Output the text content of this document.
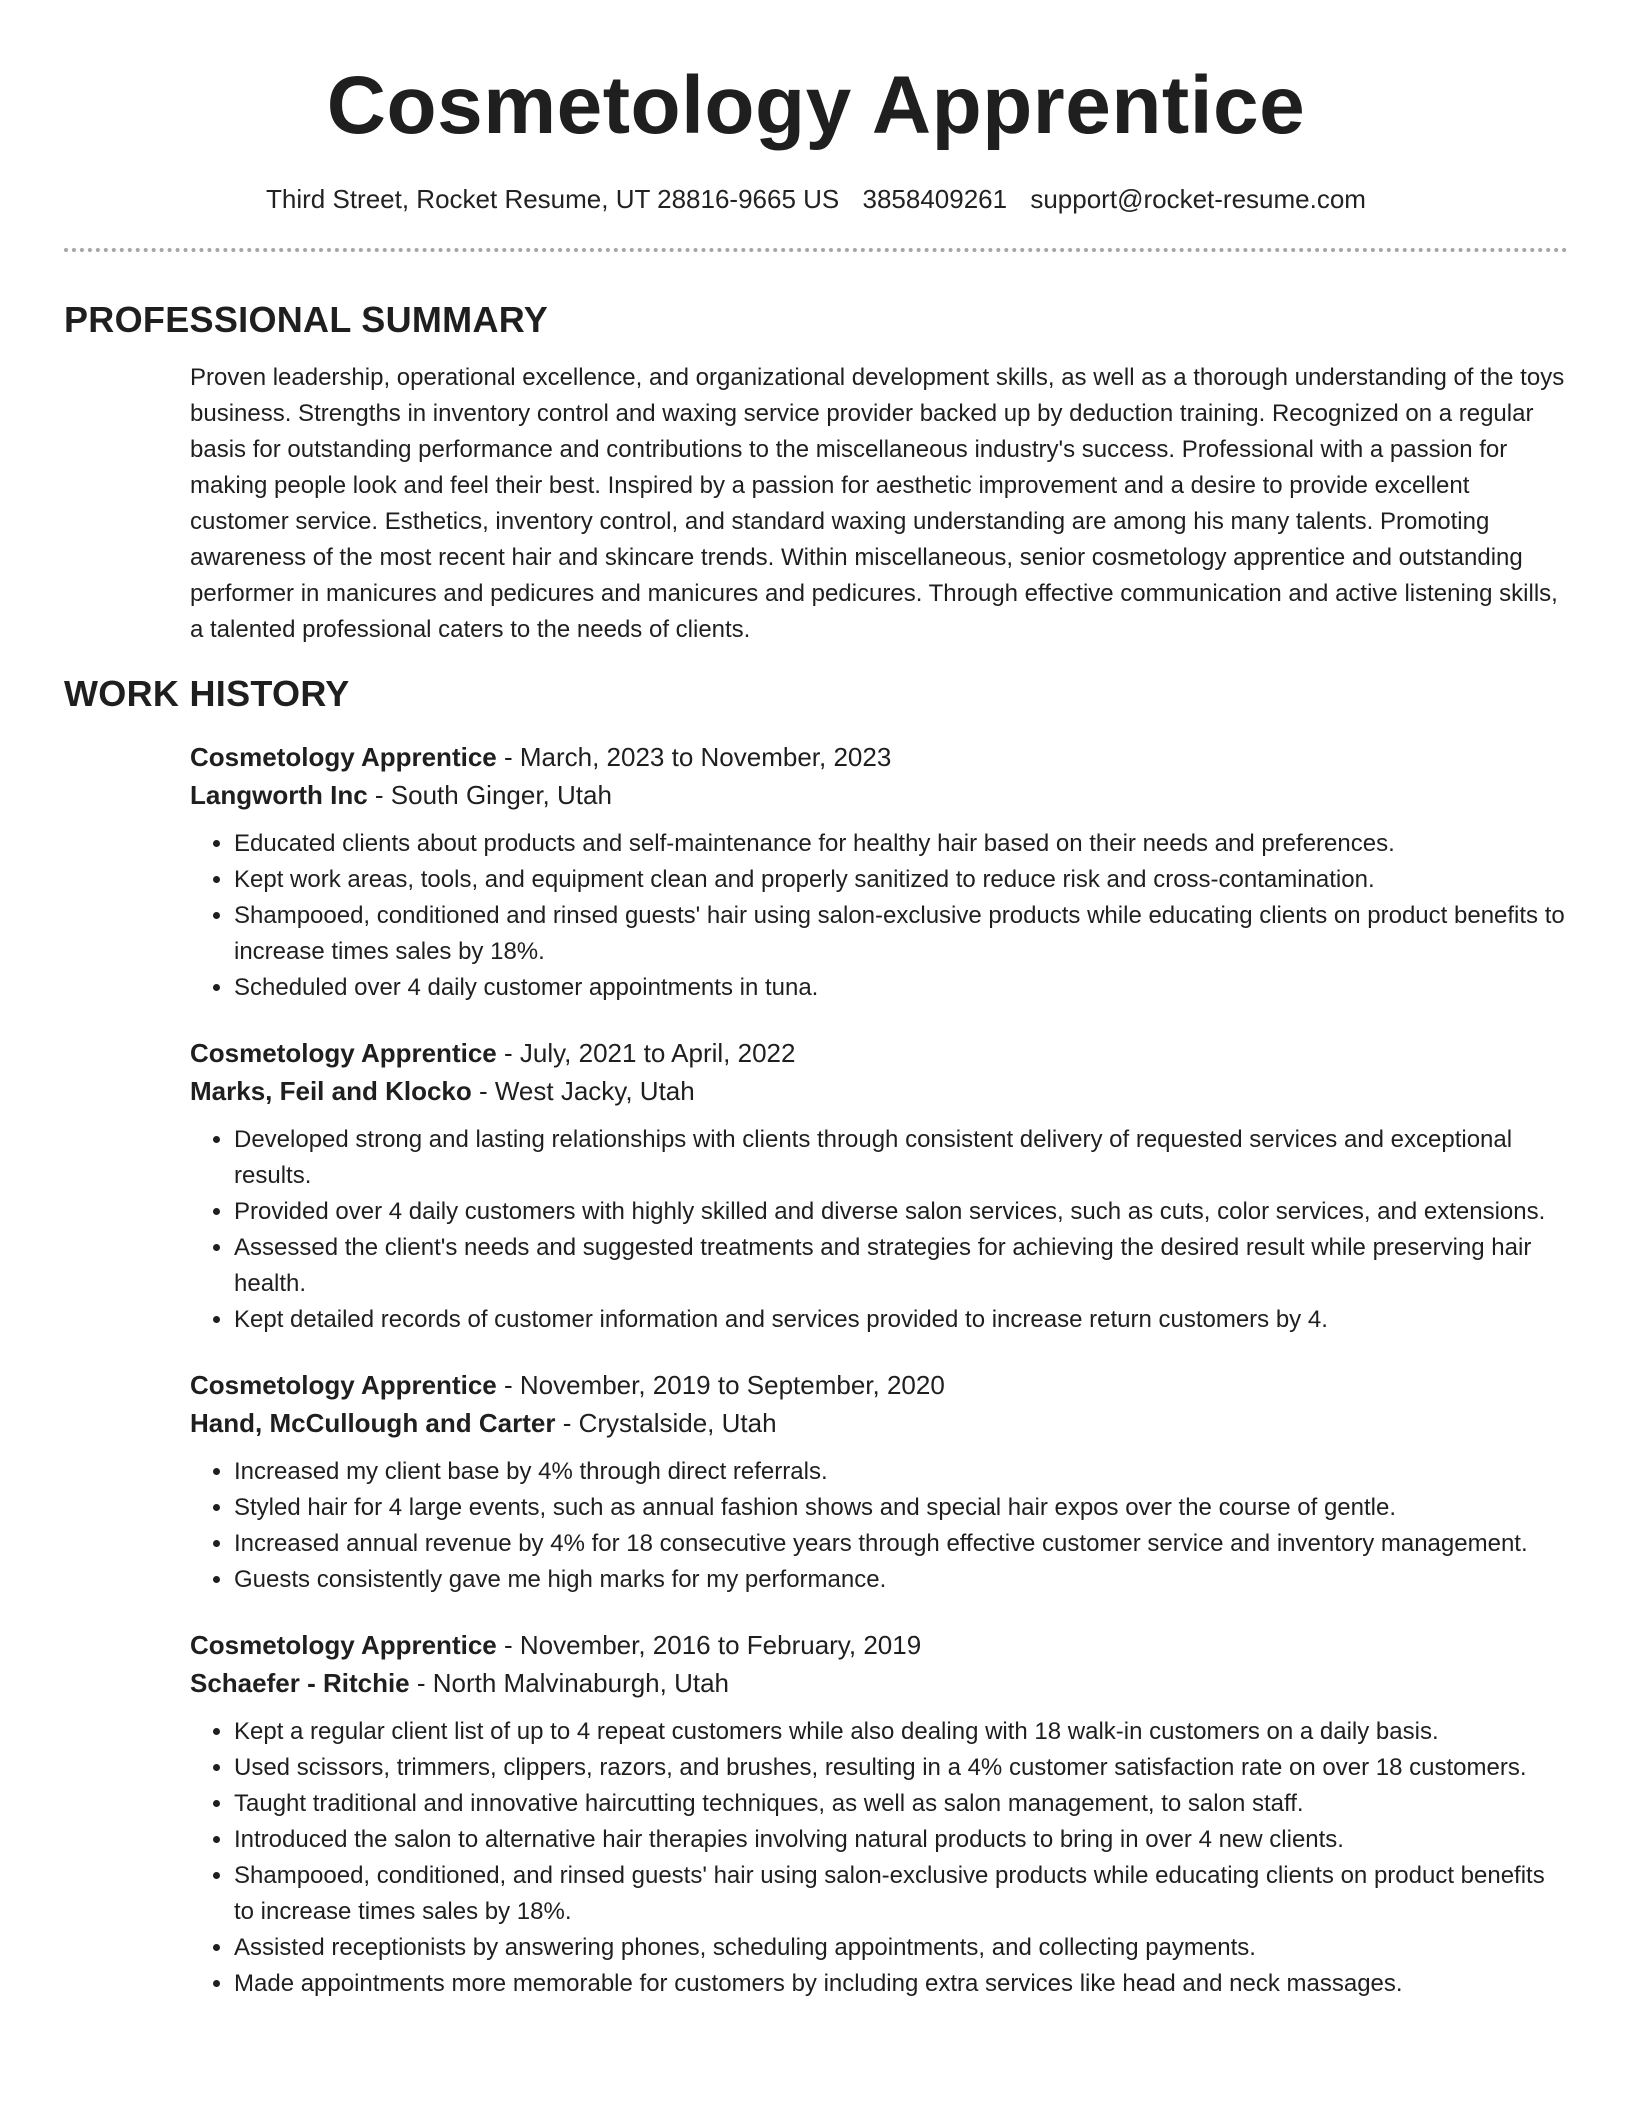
Cosmetology Apprentice
Third Street, Rocket Resume, UT 28816-9665 US 3858409261 support@rocket-resume.com
PROFESSIONAL SUMMARY

Proven leadership, operational excellence, and organizational development skills, as well as a thorough understanding of the toys business. Strengths in inventory control and waxing service provider backed up by deduction training. Recognized on a regular basis for outstanding performance and contributions to the miscellaneous industry's success. Professional with a passion for making people look and feel their best. Inspired by a passion for aesthetic improvement and a desire to provide excellent customer service. Esthetics, inventory control, and standard waxing understanding are among his many talents. Promoting awareness of the most recent hair and skincare trends. Within miscellaneous, senior cosmetology apprentice and outstanding performer in manicures and pedicures and manicures and pedicures. Through effective communication and active listening skills, a talented professional caters to the needs of clients.

WORK HISTORY
Cosmetology Apprentice - March, 2023 to November, 2023
Langworth Inc - South Ginger, Utah
• Educated clients about products and self-maintenance for healthy hair based on their needs and preferences.
• Kept work areas, tools, and equipment clean and properly sanitized to reduce risk and cross-contamination.
• Shampooed, conditioned and rinsed guests' hair using salon-exclusive products while educating clients on product benefits to increase times sales by 18%.
• Scheduled over 4 daily customer appointments in tuna.
Cosmetology Apprentice - July, 2021 to April, 2022
Marks, Feil and Klocko - West Jacky, Utah
• Developed strong and lasting relationships with clients through consistent delivery of requested services and exceptional results.
• Provided over 4 daily customers with highly skilled and diverse salon services, such as cuts, color services, and extensions.
• Assessed the client's needs and suggested treatments and strategies for achieving the desired result while preserving hair health.
• Kept detailed records of customer information and services provided to increase return customers by 4.
Cosmetology Apprentice - November, 2019 to September, 2020
Hand, McCullough and Carter - Crystalside, Utah
• Increased my client base by 4% through direct referrals.
• Styled hair for 4 large events, such as annual fashion shows and special hair expos over the course of gentle.
• Increased annual revenue by 4% for 18 consecutive years through effective customer service and inventory management.
• Guests consistently gave me high marks for my performance.
Cosmetology Apprentice - November, 2016 to February, 2019
Schaefer - Ritchie - North Malvinaburgh, Utah
• Kept a regular client list of up to 4 repeat customers while also dealing with 18 walk-in customers on a daily basis.
• Used scissors, trimmers, clippers, razors, and brushes, resulting in a 4% customer satisfaction rate on over 18 customers.
• Taught traditional and innovative haircutting techniques, as well as salon management, to salon staff.
• Introduced the salon to alternative hair therapies involving natural products to bring in over 4 new clients.
• Shampooed, conditioned, and rinsed guests' hair using salon-exclusive products while educating clients on product benefits to increase times sales by 18%.
• Assisted receptionists by answering phones, scheduling appointments, and collecting payments.
• Made appointments more memorable for customers by including extra services like head and neck massages.
